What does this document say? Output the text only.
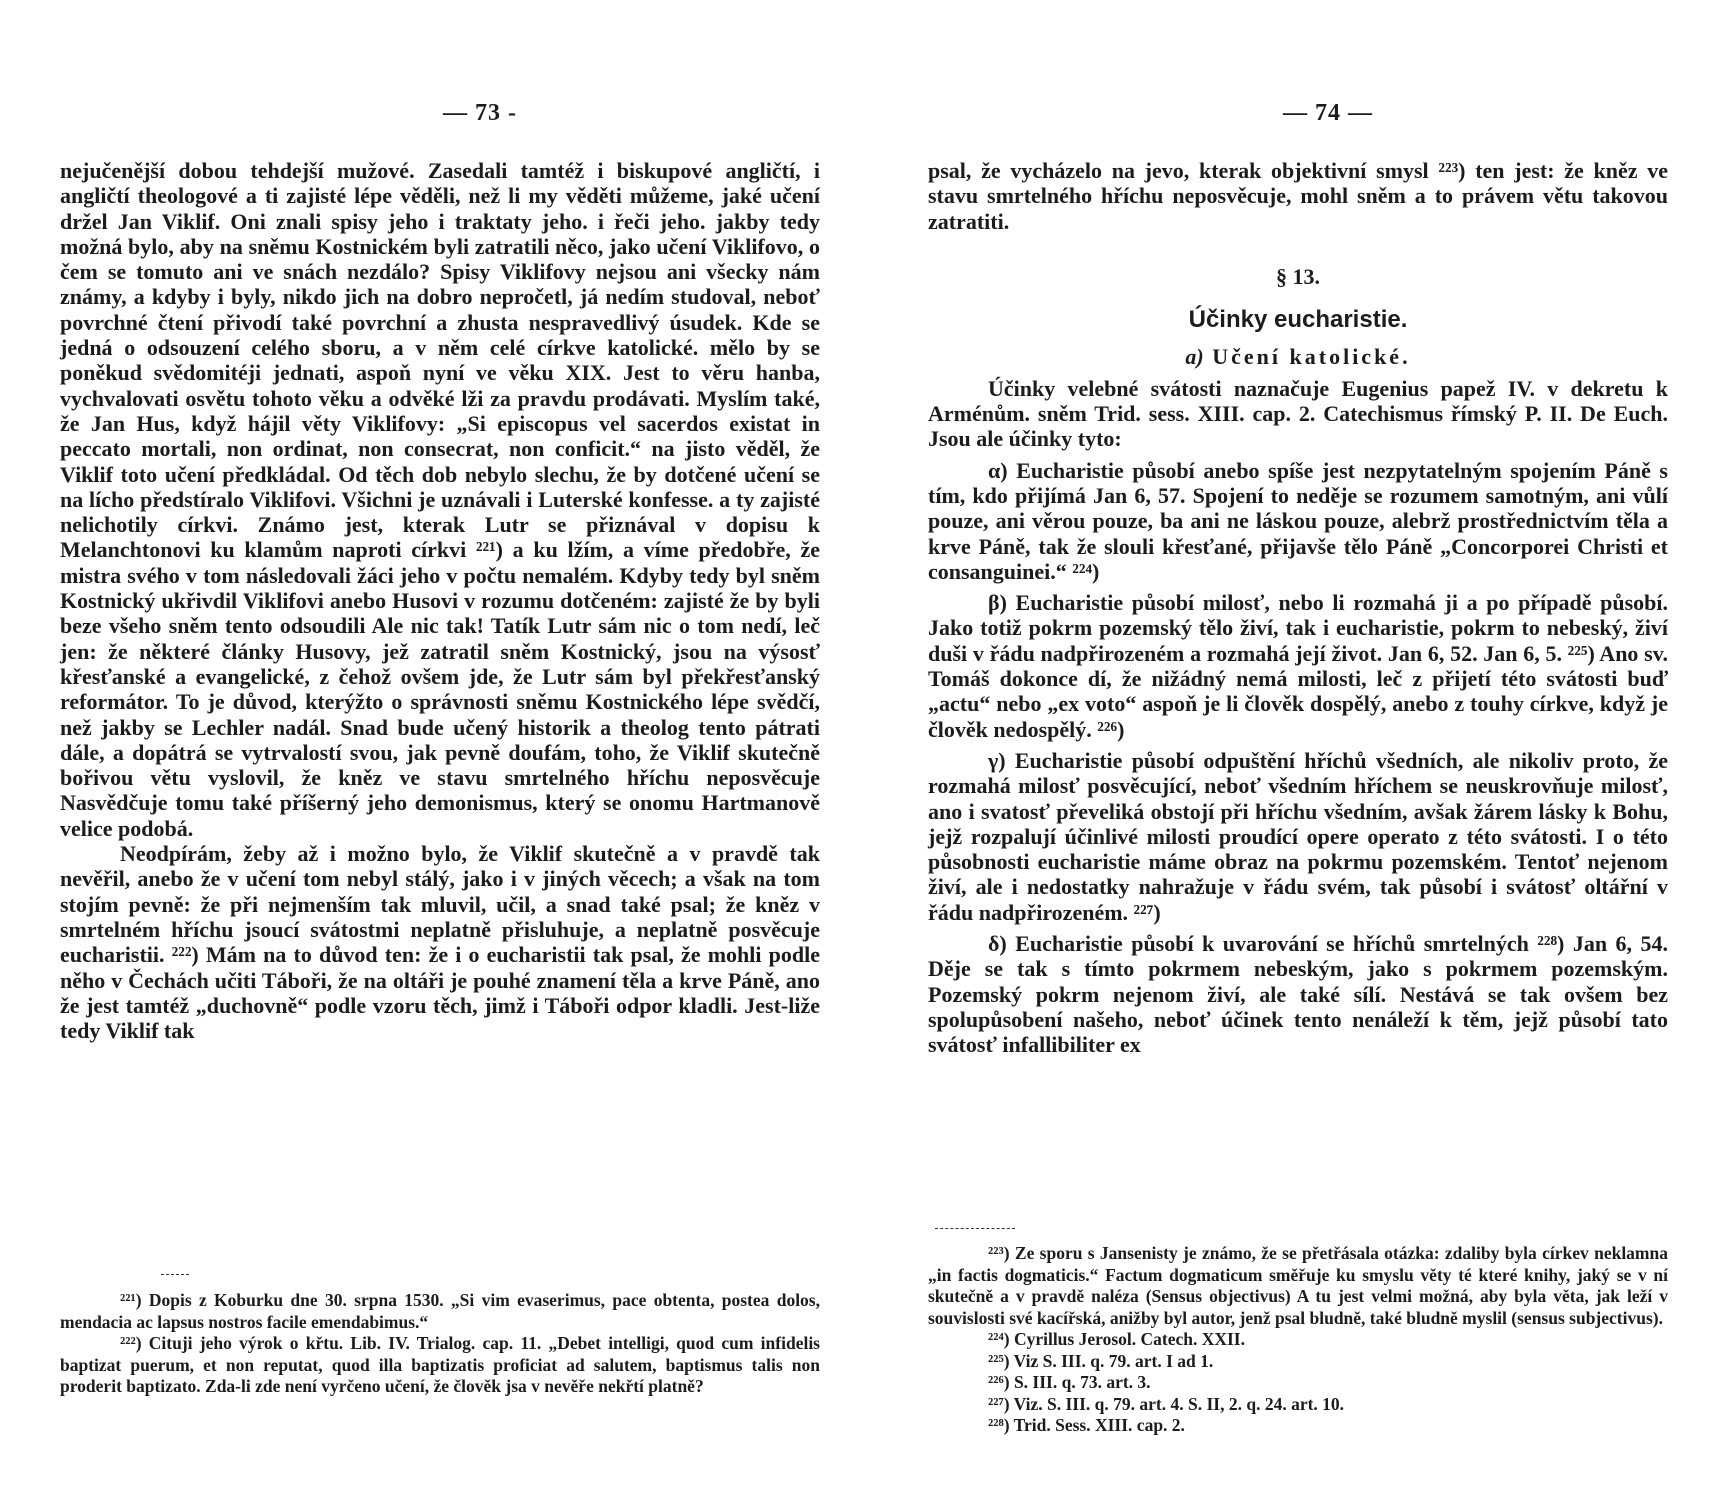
— 73 -

nejučenější dobou tehdejší mužové. Zasedali tamtéž i biskupové angličtí, i angličtí theologové a ti zajisté lépe věděli, než li my věděti můžeme, jaké učení držel Jan Viklif. Oni znali spisy jeho i traktaty jeho. i řeči jeho. jakby tedy možná bylo, aby na sněmu Kostnickém byli zatratili něco, jako učení Viklifovo, o čem se tomuto ani ve snách nezdálo? Spisy Viklifovy nejsou ani všecky nám známy, a kdyby i byly, nikdo jich na dobro nepročetl, já nedím studoval, neboť povrchné čtení přivodí také povrchní a zhusta nespravedlivý úsudek. Kde se jedná o odsouzení celého sboru, a v něm celé církve katolické. mělo by se poněkud svědomitéji jednati, aspoň nyní ve věku XIX. Jest to věru hanba, vychvalovati osvětu tohoto věku a odvěké lži za pravdu prodávati. Myslím také, že Jan Hus, když hájil věty Viklifovy: „Si episcopus vel sacerdos existat in peccato mortali, non ordinat, non consecrat, non conficit.“ na jisto věděl, že Viklif toto učení předkládal. Od těch dob nebylo slechu, že by dotčené učení se na lícho předstíralo Viklifovi. Všichni je uznávali i Luterské konfesse. a ty zajisté nelichotily církvi. Známo jest, kterak Lutr se přiznával v dopisu k Melanchtonovi ku klamům naproti církvi ²²¹) a ku lžím, a víme předobře, že mistra svého v tom následovali žáci jeho v počtu nemalém. Kdyby tedy byl sněm Kostnický ukřivdil Viklifovi anebo Husovi v rozumu dotčeném: zajisté že by byli beze všeho sněm tento odsoudili Ale nic tak! Tatík Lutr sám nic o tom nedí, leč jen: že některé články Husovy, jež zatratil sněm Kostnický, jsou na výsosť křesťanské a evangelické, z čehož ovšem jde, že Lutr sám byl překřesťanský reformátor. To je důvod, kterýžto o správnosti sněmu Kostnického lépe svědčí, než jakby se Lechler nadál. Snad bude učený historik a theolog tento pátrati dále, a dopátrá se vytrvalostí svou, jak pevně doufám, toho, že Viklif skutečně bořivou větu vyslovil, že kněz ve stavu smrtelného hříchu neposvěcuje Nasvědčuje tomu také příšerný jeho demonismus, který se onomu Hartmanově velice podobá.

Neodpírám, žeby až i možno bylo, že Viklif skutečně a v pravdě tak nevěřil, anebo že v učení tom nebyl stálý, jako i v jiných věcech; a však na tom stojím pevně: že při nejmenším tak mluvil, učil, a snad také psal; že kněz v smrtelném hříchu jsoucí svátostmi neplatně přisluhuje, a neplatně posvěcuje eucharistii. ²²²) Mám na to důvod ten: že i o eucharistii tak psal, že mohli podle něho v Čechách učiti Táboři, že na oltáři je pouhé znamení těla a krve Páně, ano že jest tamtéž „duchovně“ podle vzoru těch, jimž i Táboři odpor kladli. Jest-liže tedy Viklif tak

²²¹) Dopis z Koburku dne 30. srpna 1530. „Si vim evaserimus, pace obtenta, postea dolos, mendacia ac lapsus nostros facile emendabimus.“

²²²) Cituji jeho výrok o křtu. Lib. IV. Trialog. cap. 11. „Debet intelligi, quod cum infidelis baptizat puerum, et non reputat, quod illa baptizatis proficiat ad salutem, baptismus talis non proderit baptizato. Zda-li zde není vyrčeno učení, že člověk jsa v nevěře nekřtí platně?

— 74 —

psal, že vycházelo na jevo, kterak objektivní smysl ²²³) ten jest: že kněz ve stavu smrtelného hříchu neposvěcuje, mohl sněm a to právem větu takovou zatratiti.

§ 13.
Účinky eucharistie.
a) Učení katolické.

Účinky velebné svátosti naznačuje Eugenius papež IV. v dekretu k Arménům. sněm Trid. sess. XIII. cap. 2. Catechismus římský P. II. De Euch. Jsou ale účinky tyto:

α) Eucharistie působí anebo spíše jest nezpytatelným spojením Páně s tím, kdo přijímá Jan 6, 57. Spojení to neděje se rozumem samotným, ani vůlí pouze, ani věrou pouze, ba ani ne láskou pouze, alebrž prostřednictvím těla a krve Páně, tak že slouli křesťané, přijavše tělo Páně „Concorporei Christi et consanguinei.“ ²²⁴)

β) Eucharistie působí milosť, nebo li rozmahá ji a po případě působí. Jako totiž pokrm pozemský tělo živí, tak i eucharistie, pokrm to nebeský, živí duši v řádu nadpřirozeném a rozmahá její život. Jan 6, 52. Jan 6, 5. ²²⁵) Ano sv. Tomáš dokonce dí, že nižádný nemá milosti, leč z přijetí této svátosti buď „actu“ nebo „ex voto“ aspoň je li člověk dospělý, anebo z touhy církve, když je člověk nedospělý. ²²⁶)

γ) Eucharistie působí odpuštění hříchů všedních, ale nikoliv proto, že rozmahá milosť posvěcující, neboť všedním hříchem se neuskrovňuje milosť, ano i svatosť převeliká obstojí při hříchu všedním, avšak žárem lásky k Bohu, jejž rozpalují účinlivé milosti proudící opere operato z této svátosti. I o této působnosti eucharistie máme obraz na pokrmu pozemském. Tentoť nejenom živí, ale i nedostatky nahražuje v řádu svém, tak působí i svátosť oltářní v řádu nadpřirozeném. ²²⁷)

δ) Eucharistie působí k uvarování se hříchů smrtelných ²²⁸) Jan 6, 54. Děje se tak s tímto pokrmem nebeským, jako s pokrmem pozemským. Pozemský pokrm nejenom živí, ale také sílí. Nestává se tak ovšem bez spolupůsobení našeho, neboť účinek tento nenáleží k těm, jejž působí tato svátosť infallibiliter ex

²²³) Ze sporu s Jansenisty je známo, že se přetřásala otázka: zdaliby byla církev neklamna „in factis dogmaticis.“ Factum dogmaticum směřuje ku smyslu věty té které knihy, jaký se v ní skutečně a v pravdě naléza (Sensus objectivus) A tu jest velmi možná, aby byla věta, jak leží v souvislosti své kacířská, anižby byl autor, jenž psal bludně, také bludně myslil (sensus subjectivus).

²²⁴) Cyrillus Jerosol. Catech. XXII.

²²⁵) Viz S. III. q. 79. art. I ad 1.

²²⁶) S. III. q. 73. art. 3.

²²⁷) Viz. S. III. q. 79. art. 4. S. II, 2. q. 24. art. 10.

²²⁸) Trid. Sess. XIII. cap. 2.
